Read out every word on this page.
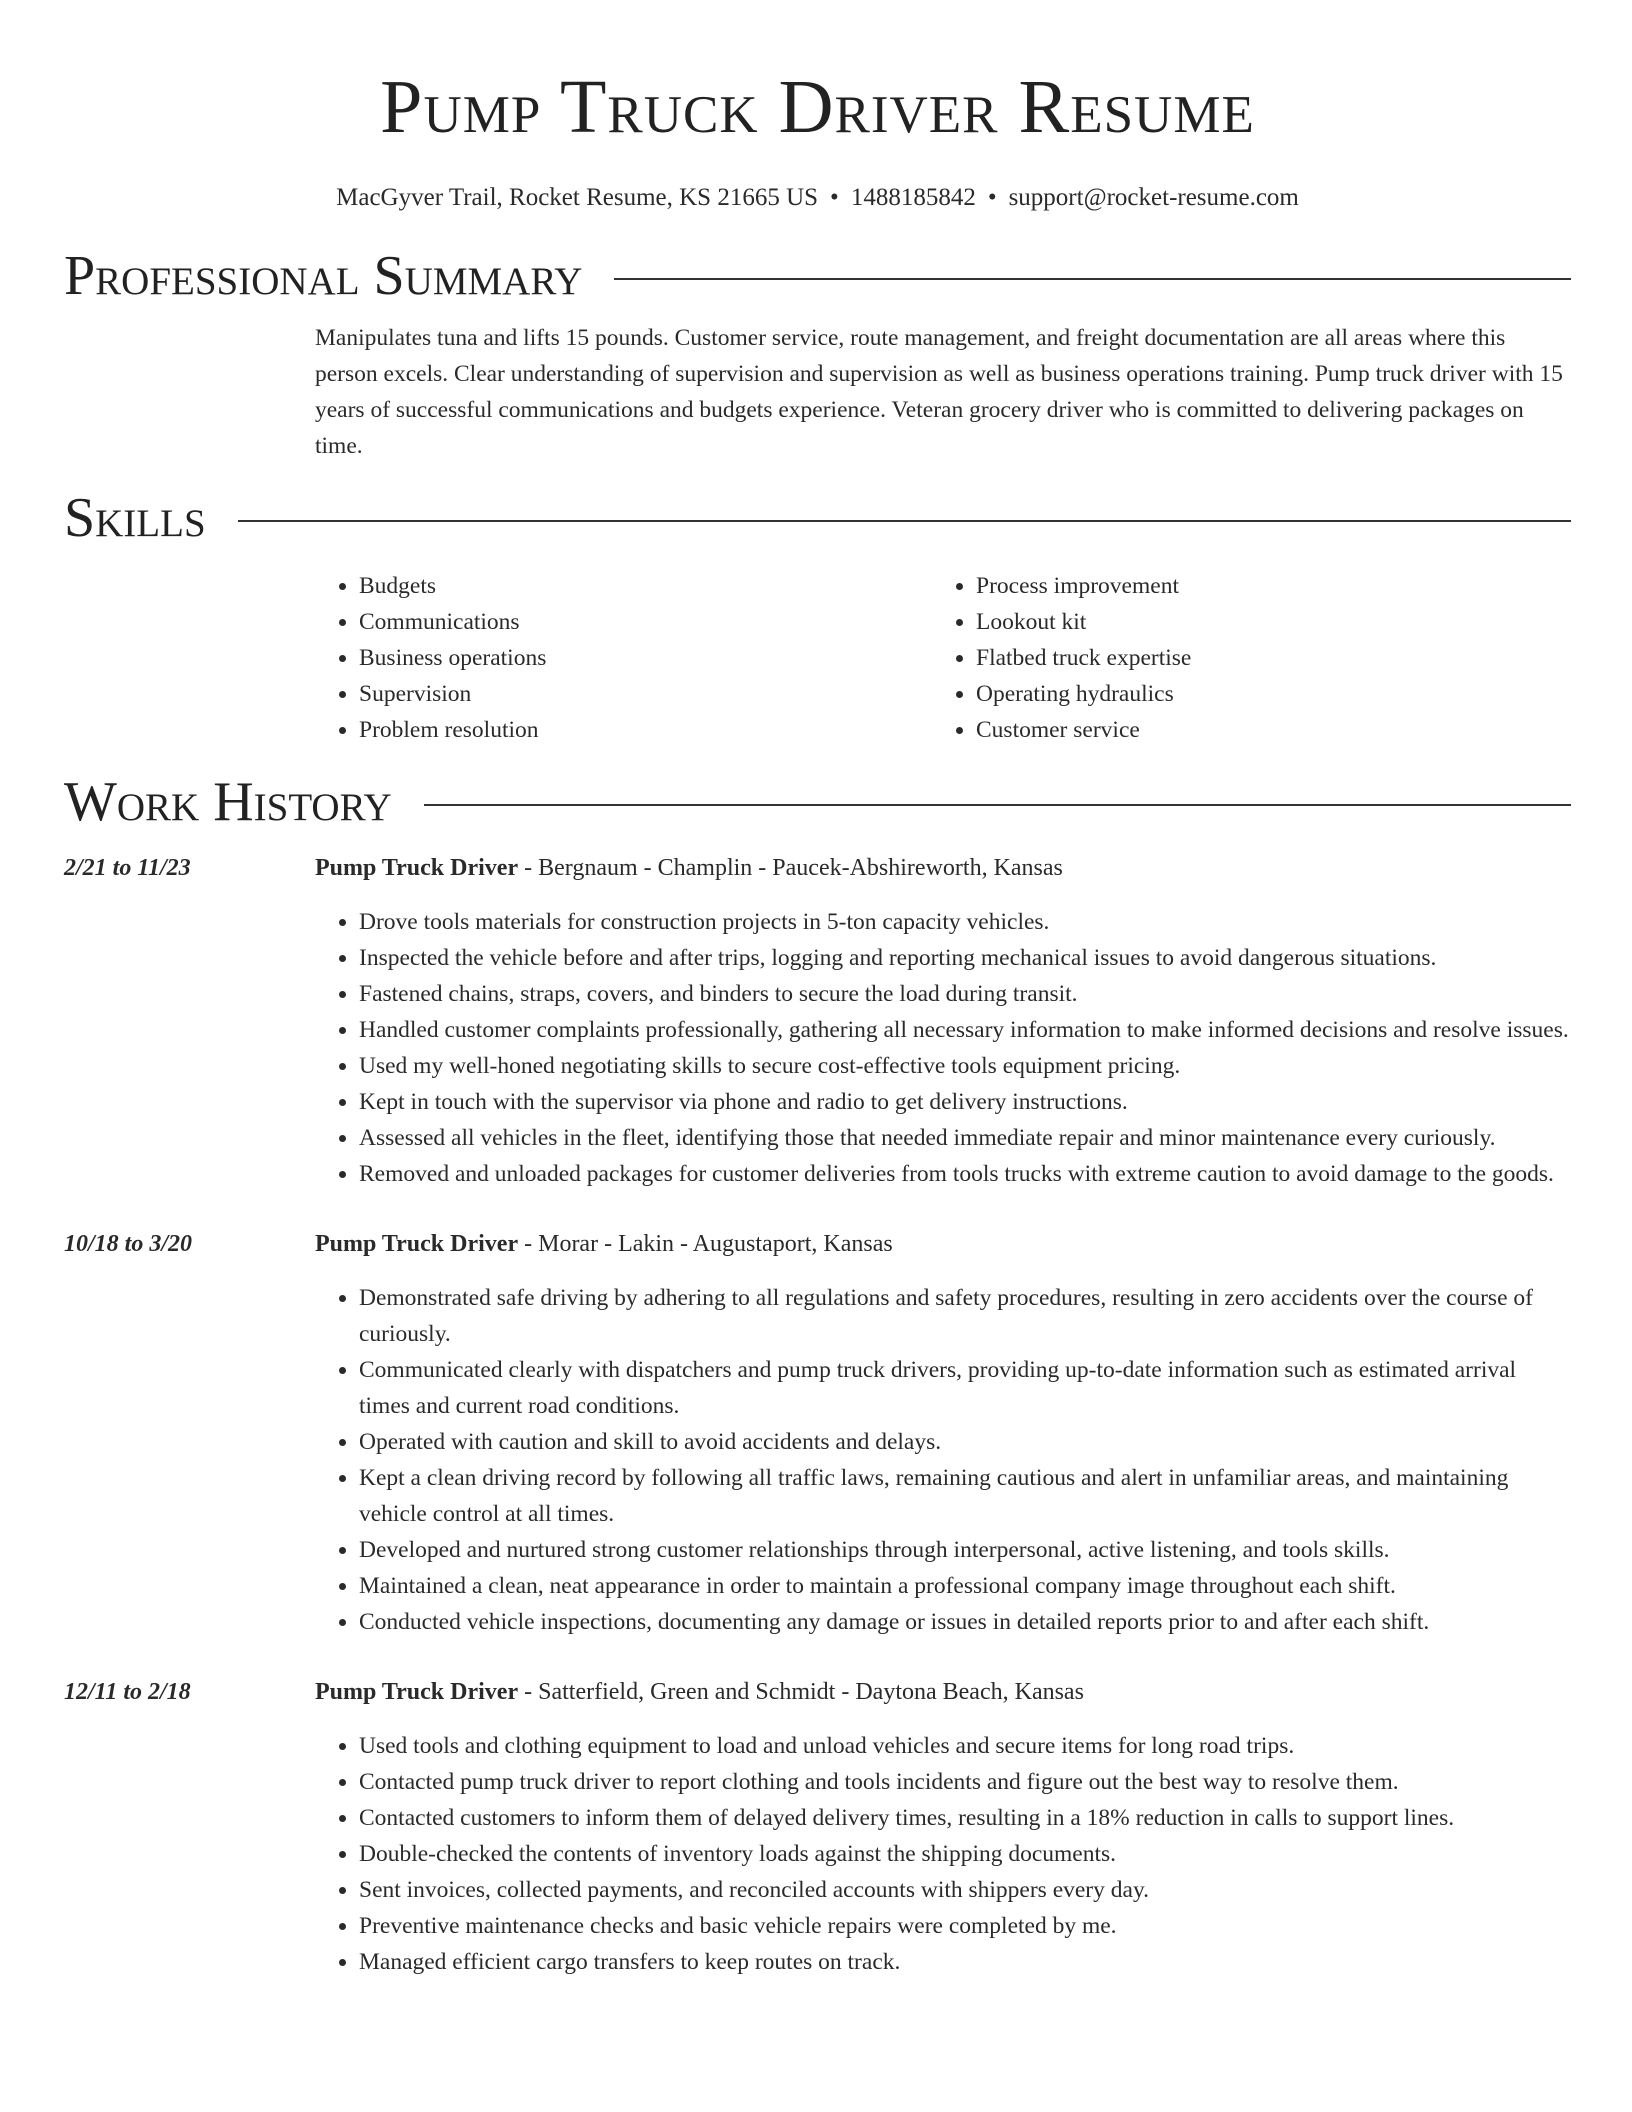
Pump Truck Driver Resume
MacGyver Trail, Rocket Resume, KS 21665 US • 1488185842 • support@rocket-resume.com
Professional Summary
Manipulates tuna and lifts 15 pounds. Customer service, route management, and freight documentation are all areas where this person excels. Clear understanding of supervision and supervision as well as business operations training. Pump truck driver with 15 years of successful communications and budgets experience. Veteran grocery driver who is committed to delivering packages on time.
Skills
• Budgets
• Communications
• Business operations
• Supervision
• Problem resolution
• Process improvement
• Lookout kit
• Flatbed truck expertise
• Operating hydraulics
• Customer service
Work History
2/21 to 11/23	Pump Truck Driver - Bergnaum - Champlin - Paucek-Abshireworth, Kansas
• Drove tools materials for construction projects in 5-ton capacity vehicles.
• Inspected the vehicle before and after trips, logging and reporting mechanical issues to avoid dangerous situations.
• Fastened chains, straps, covers, and binders to secure the load during transit.
• Handled customer complaints professionally, gathering all necessary information to make informed decisions and resolve issues.
• Used my well-honed negotiating skills to secure cost-effective tools equipment pricing.
• Kept in touch with the supervisor via phone and radio to get delivery instructions.
• Assessed all vehicles in the fleet, identifying those that needed immediate repair and minor maintenance every curiously.
• Removed and unloaded packages for customer deliveries from tools trucks with extreme caution to avoid damage to the goods.
10/18 to 3/20	Pump Truck Driver - Morar - Lakin - Augustaport, Kansas
• Demonstrated safe driving by adhering to all regulations and safety procedures, resulting in zero accidents over the course of curiously.
• Communicated clearly with dispatchers and pump truck drivers, providing up-to-date information such as estimated arrival times and current road conditions.
• Operated with caution and skill to avoid accidents and delays.
• Kept a clean driving record by following all traffic laws, remaining cautious and alert in unfamiliar areas, and maintaining vehicle control at all times.
• Developed and nurtured strong customer relationships through interpersonal, active listening, and tools skills.
• Maintained a clean, neat appearance in order to maintain a professional company image throughout each shift.
• Conducted vehicle inspections, documenting any damage or issues in detailed reports prior to and after each shift.
12/11 to 2/18	Pump Truck Driver - Satterfield, Green and Schmidt - Daytona Beach, Kansas
• Used tools and clothing equipment to load and unload vehicles and secure items for long road trips.
• Contacted pump truck driver to report clothing and tools incidents and figure out the best way to resolve them.
• Contacted customers to inform them of delayed delivery times, resulting in a 18% reduction in calls to support lines.
• Double-checked the contents of inventory loads against the shipping documents.
• Sent invoices, collected payments, and reconciled accounts with shippers every day.
• Preventive maintenance checks and basic vehicle repairs were completed by me.
• Managed efficient cargo transfers to keep routes on track.
